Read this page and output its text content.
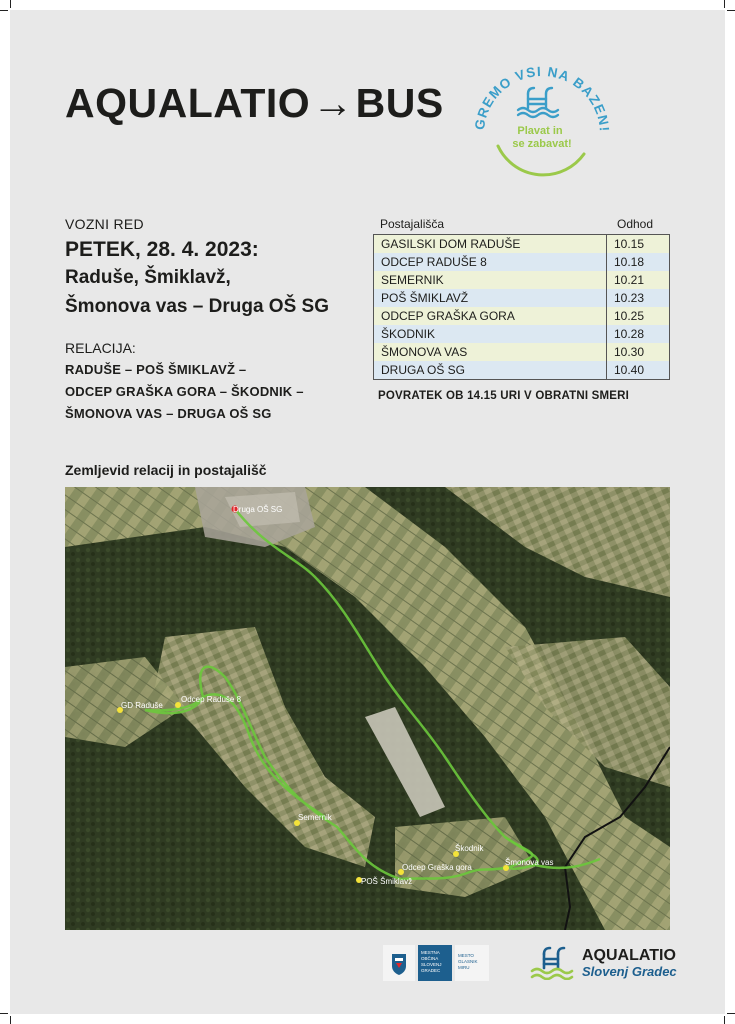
AQUALATIO→BUS GREMO VSI NA BAZEN!
Plavat in
se zabavat!
VOZNI RED
PETEK, 28. 4. 2023:
Raduše, Šmiklavž,
Šmonova vas – Druga OŠ SG
RELACIJA:
RADUŠE – POŠ ŠMIKLAVŽ –
ODCEP GRAŠKA GORA – ŠKODNIK –
ŠMONOVA VAS – DRUGA OŠ SG
Postajališča	Odhod
GASILSKI DOM RADUŠE	10.15
ODCEP RADUŠE 8	10.18
SEMERNIK	10.21
POŠ ŠMIKLAVŽ	10.23
ODCEP GRAŠKA GORA	10.25
ŠKODNIK	10.28
ŠMONOVA VAS	10.30
DRUGA OŠ SG	10.40
POVRATEK OB 14.15 URI V OBRATNI SMERI
Zemljevid relacij in postajališč
Druga OŠ SG
GD Raduše
Odcep Raduše 8
Semernik
POŠ Šmiklavž
Odcep Graška gora
Škodnik
Šmonova vas
MESTNA
OBČINA
SLOVENJ
GRADEC
MESTO
GLASNIK
MIRU
AQUALATIO
Slovenj Gradec
